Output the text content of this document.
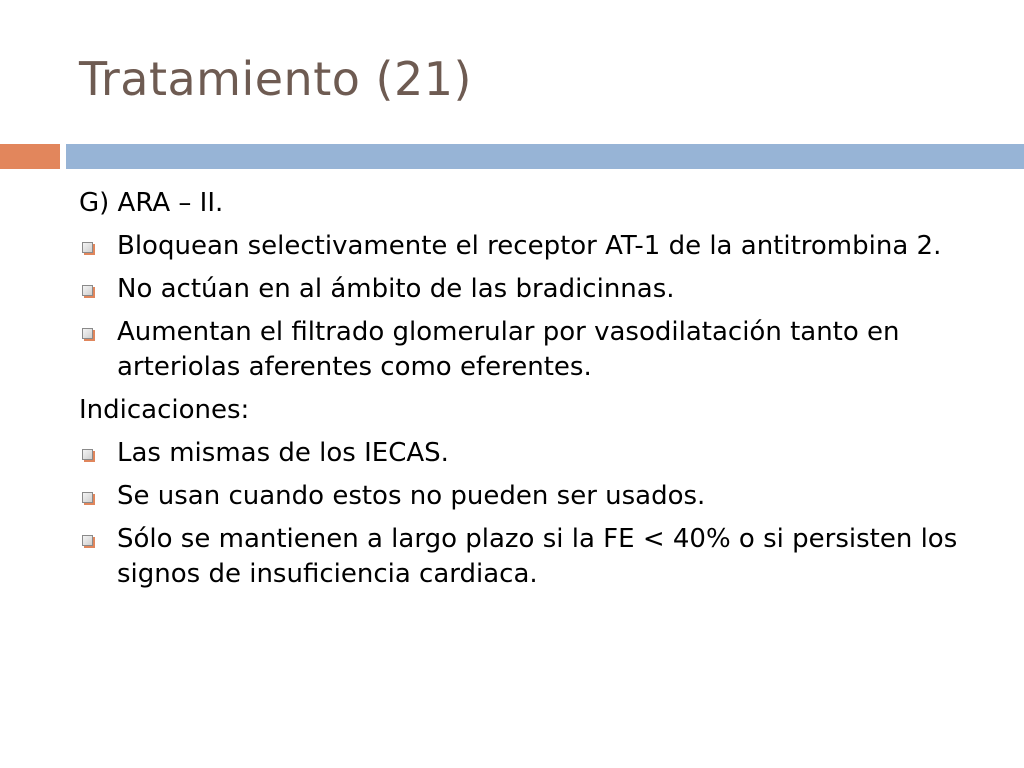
Tratamiento (21)
G) ARA – II.
Bloquean selectivamente el receptor AT-1 de la antitrombina 2.
No actúan en al ámbito de las bradicinnas.
Aumentan el filtrado glomerular por vasodilatación tanto en arteriolas aferentes como eferentes.
Indicaciones:
Las mismas de los IECAS.
Se usan cuando estos no pueden ser usados.
Sólo se mantienen a largo plazo si la FE < 40% o si persisten los signos de insuficiencia cardiaca.
